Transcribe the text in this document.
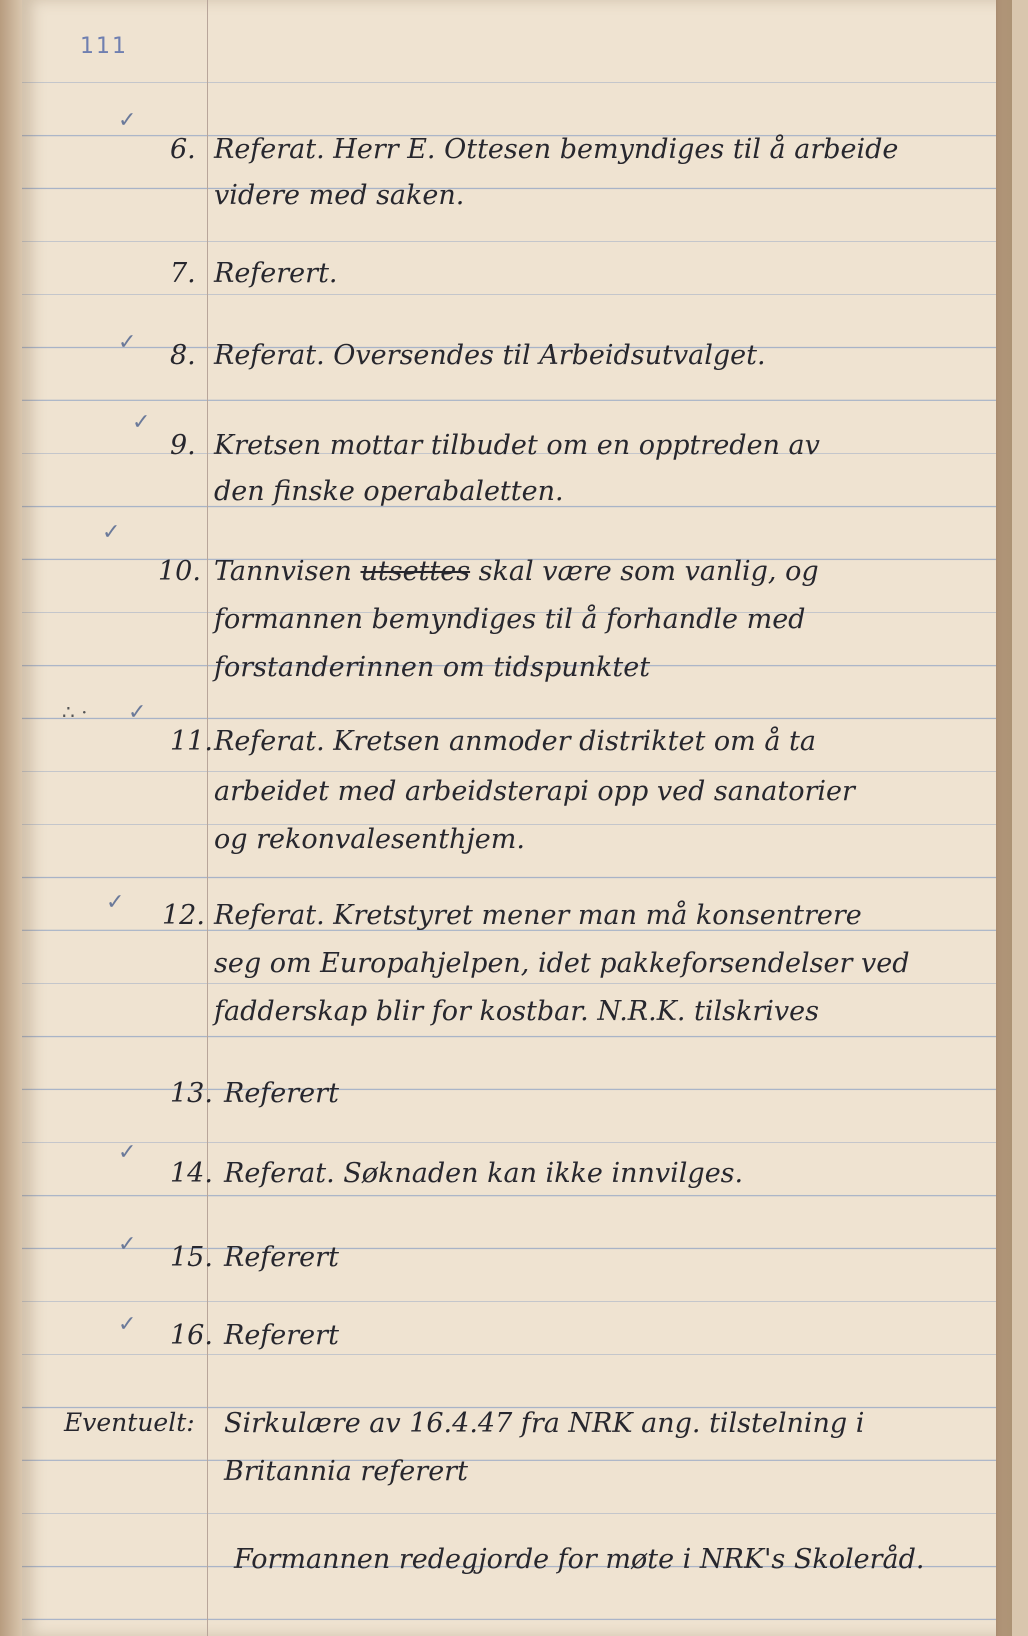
111
✓
✓
✓
✓
✓
✓
✓
✓
✓
∴ ·
6. Referat. Herr E. Ottesen bemyndiges til å arbeide
videre med saken.
7. Referert.
8. Referat. Oversendes til Arbeidsutvalget.
9. Kretsen mottar tilbudet om en opptreden av
den finske operabaletten.
10. Tannvisen utsettes skal være som vanlig, og
formannen bemyndiges til å forhandle med
forstanderinnen om tidspunktet
11. Referat. Kretsen anmoder distriktet om å ta
arbeidet med arbeidsterapi opp ved sanatorier
og rekonvalesenthjem.
12. Referat. Kretstyret mener man må konsentrere
seg om Europahjelpen, idet pakkeforsendelser ved
fadderskap blir for kostbar. N.R.K. tilskrives
13. Referert
14. Referat. Søknaden kan ikke innvilges.
15. Referert
16. Referert
Eventuelt: Sirkulære av 16.4.47 fra NRK ang. tilstelning i
Britannia referert
Formannen redegjorde for møte i NRK's Skoleråd.
